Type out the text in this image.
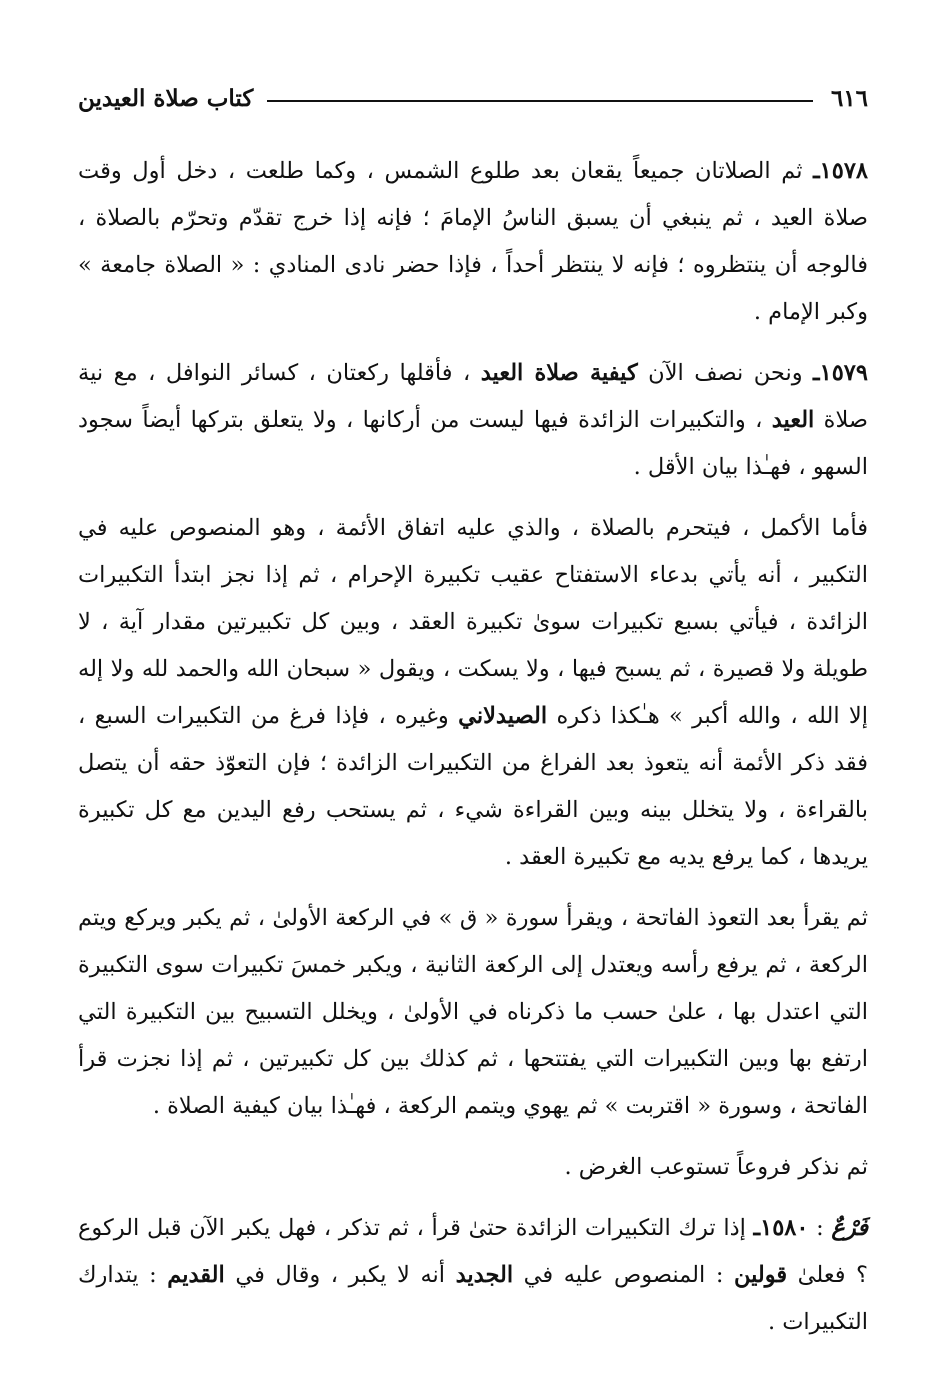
٦١٦
كتاب صلاة العيدين

١٥٧٨ـ ثم الصلاتان جميعاً يقعان بعد طلوع الشمس ، وكما طلعت ، دخل أول وقت صلاة العيد ، ثم ينبغي أن يسبق الناسُ الإمامَ ؛ فإنه إذا خرج تقدّم وتحرّم بالصلاة ، فالوجه أن ينتظروه ؛ فإنه لا ينتظر أحداً ، فإذا حضر نادى المنادي : « الصلاة جامعة » وكبر الإمام .

١٥٧٩ـ ونحن نصف الآن كيفية صلاة العيد ، فأقلها ركعتان ، كسائر النوافل ، مع نية صلاة العيد ، والتكبيرات الزائدة فيها ليست من أركانها ، ولا يتعلق بتركها أيضاً سجود السهو ، فهـٰذا بيان الأقل .

فأما الأكمل ، فيتحرم بالصلاة ، والذي عليه اتفاق الأئمة ، وهو المنصوص عليه في التكبير ، أنه يأتي بدعاء الاستفتاح عقيب تكبيرة الإحرام ، ثم إذا نجز ابتدأ التكبيرات الزائدة ، فيأتي بسبع تكبيرات سوىٰ تكبيرة العقد ، وبين كل تكبيرتين مقدار آية ، لا طويلة ولا قصيرة ، ثم يسبح فيها ، ولا يسكت ، ويقول « سبحان الله والحمد لله ولا إله إلا الله ، والله أكبر » هـٰكذا ذكره الصيدلاني وغيره ، فإذا فرغ من التكبيرات السبع ، فقد ذكر الأئمة أنه يتعوذ بعد الفراغ من التكبيرات الزائدة ؛ فإن التعوّذ حقه أن يتصل بالقراءة ، ولا يتخلل بينه وبين القراءة شيء ، ثم يستحب رفع اليدين مع كل تكبيرة يريدها ، كما يرفع يديه مع تكبيرة العقد .

ثم يقرأ بعد التعوذ الفاتحة ، ويقرأ سورة « ق » في الركعة الأولىٰ ، ثم يكبر ويركع ويتم الركعة ، ثم يرفع رأسه ويعتدل إلى الركعة الثانية ، ويكبر خمسَ تكبيرات سوى التكبيرة التي اعتدل بها ، علىٰ حسب ما ذكرناه في الأولىٰ ، ويخلل التسبيح بين التكبيرة التي ارتفع بها وبين التكبيرات التي يفتتحها ، ثم كذلك بين كل تكبيرتين ، ثم إذا نجزت قرأ الفاتحة ، وسورة « اقتربت » ثم يهوي ويتمم الركعة ، فهـٰذا بيان كيفية الصلاة .

ثم نذكر فروعاً تستوعب الغرض .

فَرْعٌ : ١٥٨٠ـ إذا ترك التكبيرات الزائدة حتىٰ قرأ ، ثم تذكر ، فهل يكبر الآن قبل الركوع ؟ فعلىٰ قولين : المنصوص عليه في الجديد أنه لا يكبر ، وقال في القديم : يتدارك التكبيرات .
